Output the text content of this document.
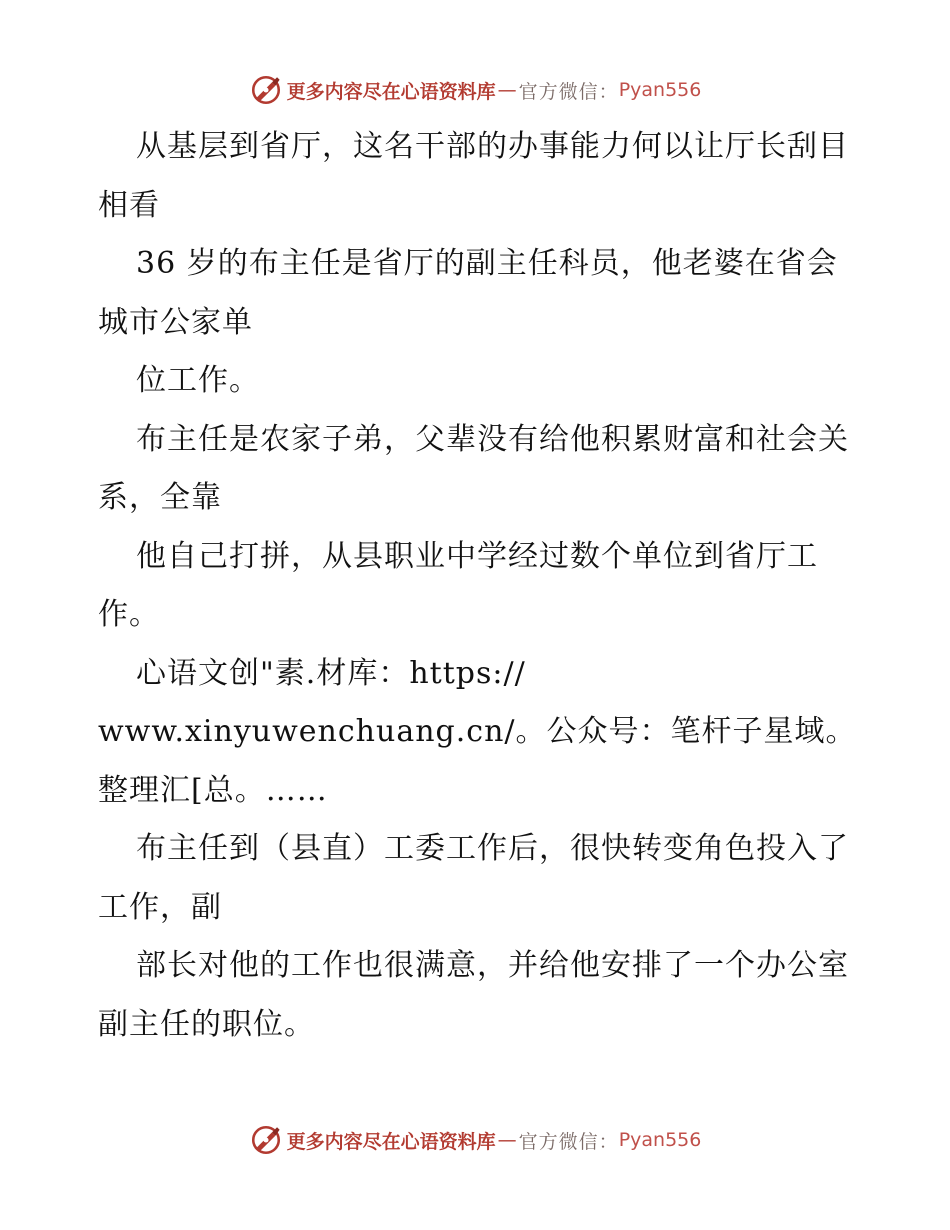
更多内容尽在心语资料库 — 官方微信： Pyan556

从基层到省厅，这名干部的办事能力何以让厅长刮目相看

36 岁的布主任是省厅的副主任科员，他老婆在省会城市公家单

位工作。

布主任是农家子弟，父辈没有给他积累财富和社会关系，全靠

他自己打拼，从县职业中学经过数个单位到省厅工作。

心语文创"素.材库：https://

www.xinyuwenchuang.cn/。公众号：笔杆子星域。整理汇[总。……

布主任到（县直）工委工作后，很快转变角色投入了工作，副

部长对他的工作也很满意，并给他安排了一个办公室副主任的职位。

更多内容尽在心语资料库 — 官方微信： Pyan556
